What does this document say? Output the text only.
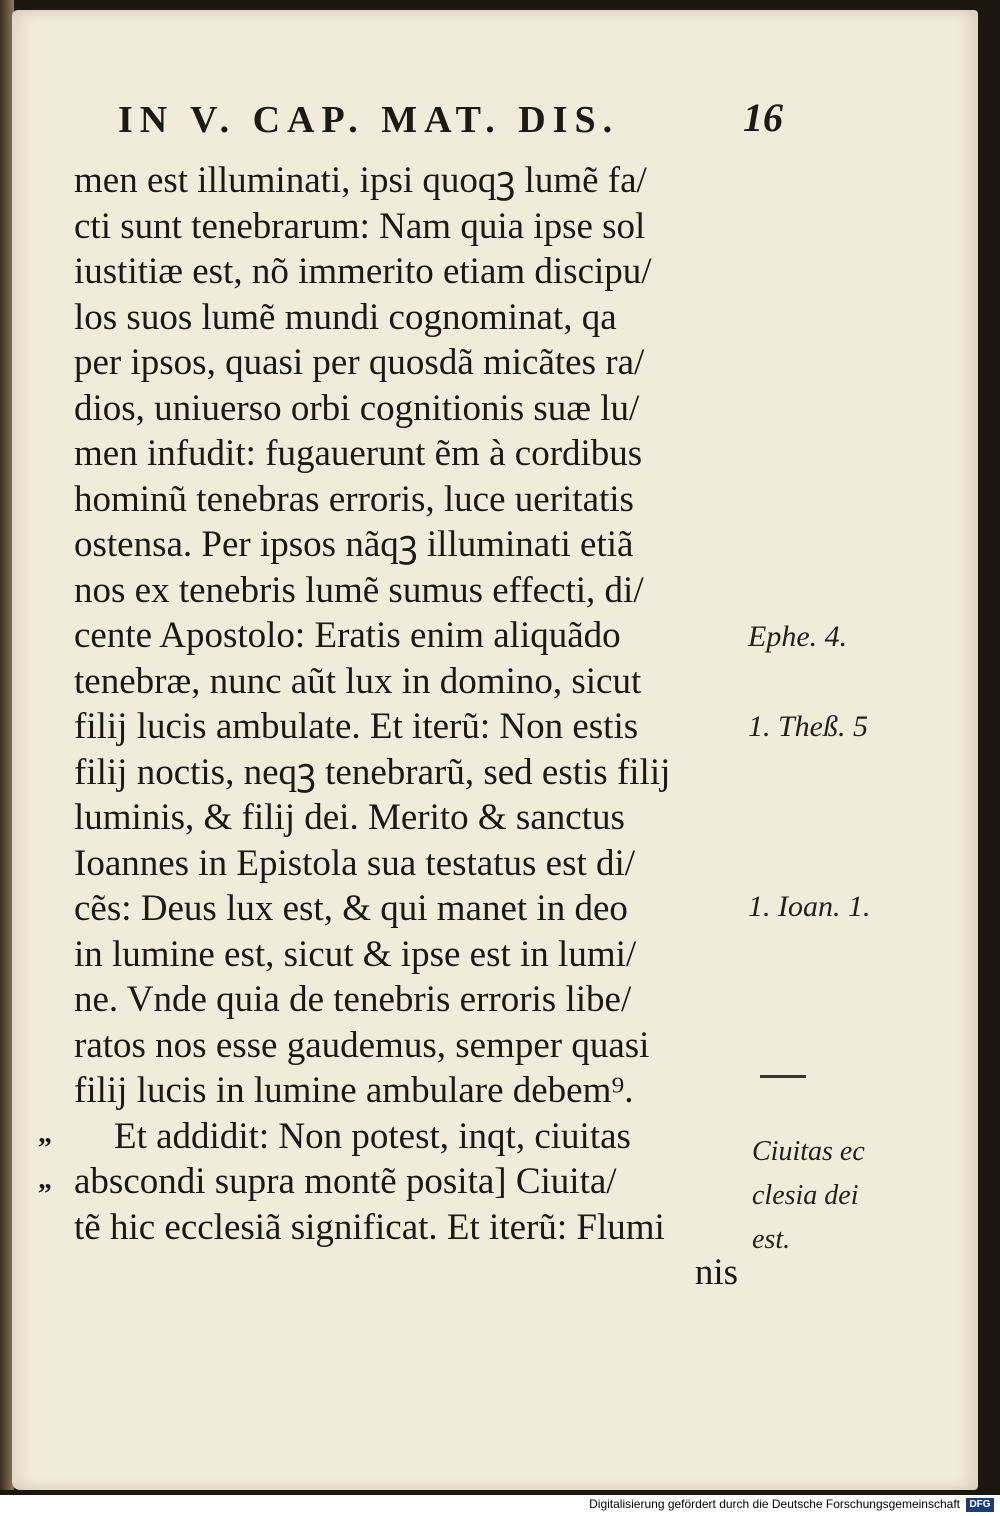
IN V. CAP. MAT. DIS.	16
men est illuminati, ipsi quoqꝫ lumẽ fa/
cti sunt tenebrarum: Nam quia ipse sol
iustitiæ est, nõ immerito etiam discipu/
los suos lumẽ mundi cognominat, qa
per ipsos, quasi per quosdã micãtes ra/
dios, uniuerso orbi cognitionis suæ lu/
men infudit: fugauerunt ẽm à cordibus
hominũ tenebras erroris, luce ueritatis
ostensa. Per ipsos nãqꝫ illuminati etiã
nos ex tenebris lumẽ sumus effecti, di/
cente Apostolo: Eratis enim aliquãdo
tenebræ, nunc aũt lux in domino, sicut
filij lucis ambulate. Et iterũ: Non estis
filij noctis, neqꝫ tenebrarũ, sed estis filij
luminis, & filij dei. Merito & sanctus
Ioannes in Epistola sua testatus est di/
cẽs: Deus lux est, & qui manet in deo
in lumine est, sicut & ipse est in lumi/
ne. Vnde quia de tenebris erroris libe/
ratos nos esse gaudemus, semper quasi
filij lucis in lumine ambulare debem⁹.
Et addidit: Non potest, inqt, ciuitas
abscondi supra montẽ posita] Ciuita/
tẽ hic ecclesiã significat. Et iterũ: Flumi
nis
„
„
Ephe. 4.
1. Theß. 5
1. Ioan. 1.
Ciuitas ec
clesia dei
est.
Digitalisierung gefördert durch die Deutsche Forschungsgemeinschaft DFG
